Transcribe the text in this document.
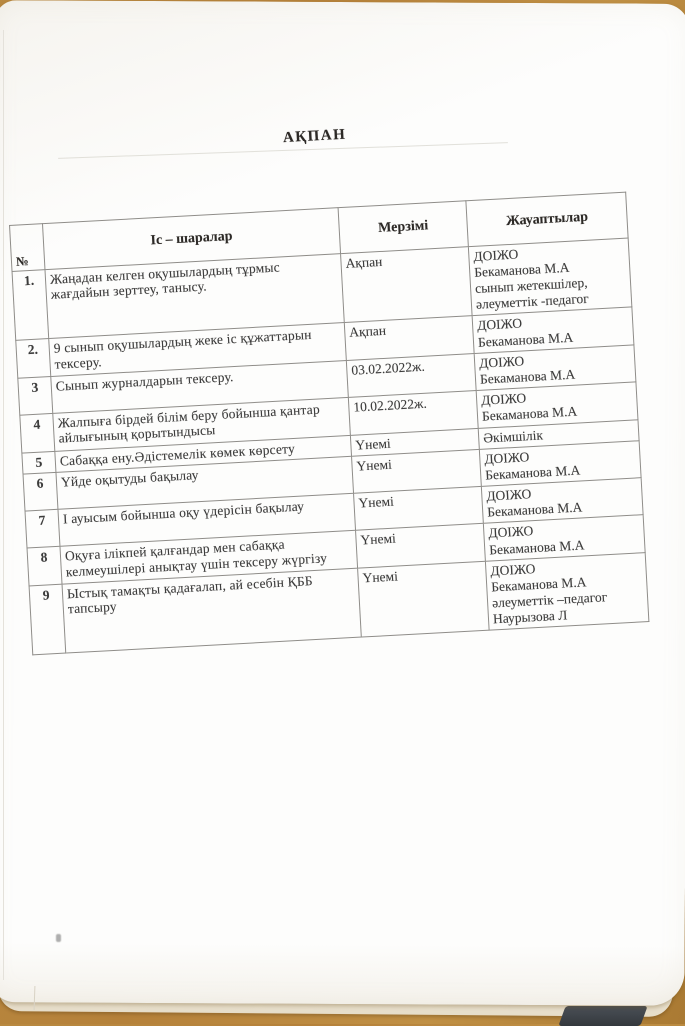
АҚПАН
№	Іс – шаралар	Мерзімі	Жауаптылар
1.	Жаңадан келген оқушылардың тұрмыс жағдайын зерттеу, танысу.	Ақпан	ДОІЖО
Бекаманова М.А
сынып жетекшілер,
әлеуметтік -педагог

2.	9 сынып оқушылардың жеке іс құжаттарын тексеру.	Ақпан	ДОІЖО
Бекаманова М.А

3	Сынып журналдарын тексеру.	03.02.2022ж.	ДОІЖО
Бекаманова М.А

4	Жалпыға бірдей білім беру бойынша қантар айлығының қорытындысы	10.02.2022ж.	ДОІЖО
Бекаманова М.А

5	Сабаққа ену.Әдістемелік көмек көрсету	Үнемі	Әкімшілік

6	Үйде оқытуды бақылау	Үнемі	ДОІЖО
Бекаманова М.А

7	І ауысым бойынша оқу үдерісін бақылау	Үнемі	ДОІЖО
Бекаманова М.А

8	Оқуға ілікпей қалғандар мен сабаққа келмеушілері анықтау үшін тексеру жүргізу	Үнемі	ДОІЖО
Бекаманова М.А

9	Ыстық тамақты қадағалап, ай есебін ҚББ тапсыру	Үнемі	ДОІЖО
Бекаманова М.А
әлеуметтік –педагог
Наурызова Л
